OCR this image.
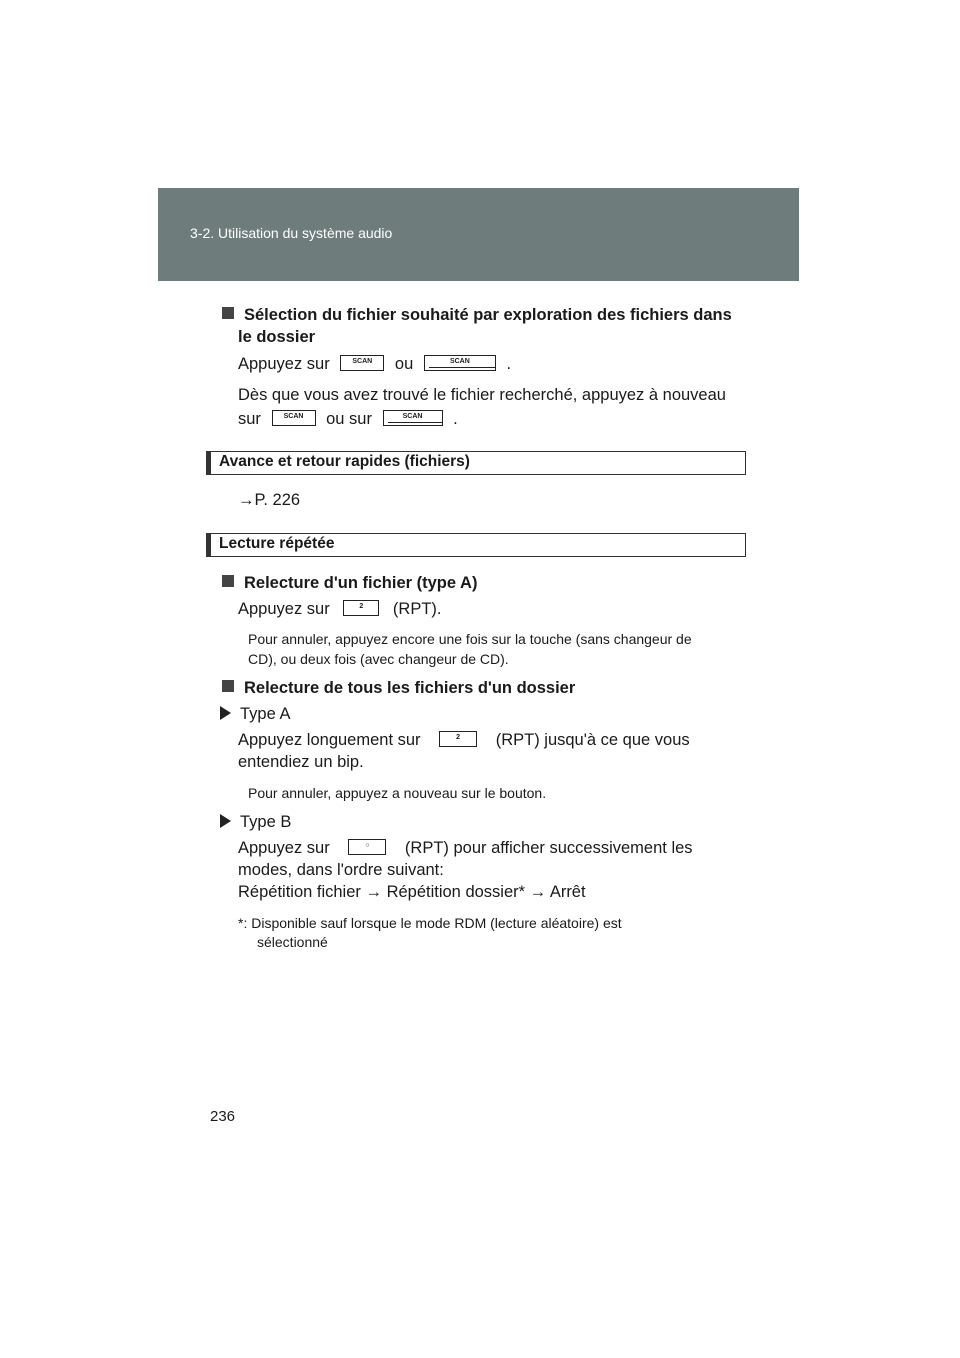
3-2. Utilisation du système audio
Sélection du fichier souhaité par exploration des fichiers dans
le dossier
Appuyez sur	SCAN	ou	SCAN	.
Dès que vous avez trouvé le fichier recherché, appuyez à nouveau
sur	SCAN	ou sur	SCAN	.
Avance et retour rapides (fichiers)
→P. 226
Lecture répétée
Relecture d'un fichier (type A)
Appuyez sur	2	(RPT).
Pour annuler, appuyez encore une fois sur la touche (sans changeur de
CD), ou deux fois (avec changeur de CD).
Relecture de tous les fichiers d'un dossier
Type A
Appuyez longuement sur	2	(RPT) jusqu'à ce que vous
entendiez un bip.
Pour annuler, appuyez a nouveau sur le bouton.
Type B
Appuyez sur	○	(RPT) pour afficher successivement les
modes, dans l'ordre suivant:
Répétition fichier → Répétition dossier* → Arrêt
*: Disponible sauf lorsque le mode RDM (lecture aléatoire) est
sélectionné
236
